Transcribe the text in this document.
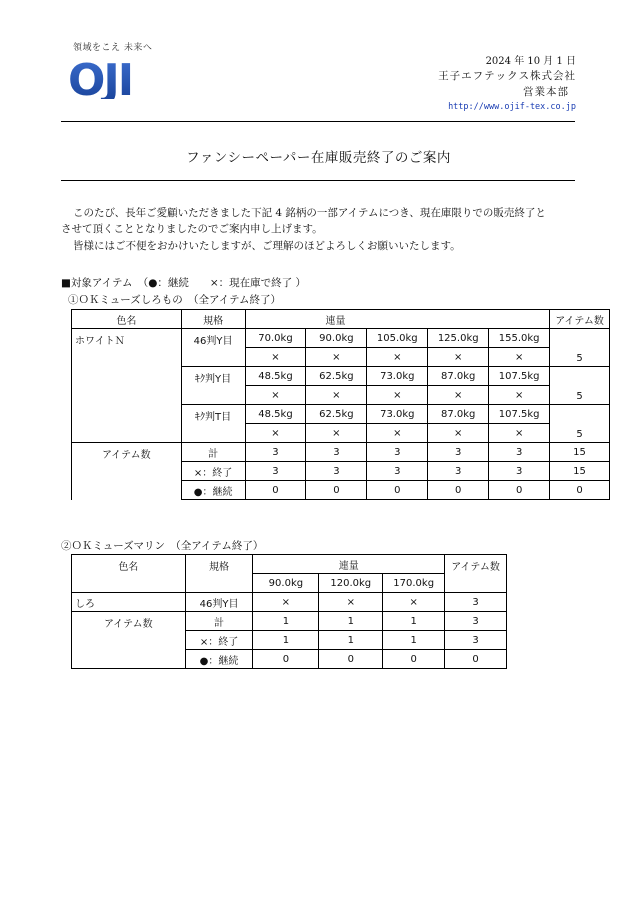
領域をこえ 未来へ
OJI	2024 年 10 月 1 日
王子エフテックス株式会社
営業本部
http://www.ojif-tex.co.jp
ファンシーペーパー在庫販売終了のご案内
このたび、長年ご愛顧いただきました下記 4 銘柄の一部アイテムにつき、現在庫限りでの販売終了と
させて頂くこととなりましたのでご案内申し上げます。
皆様にはご不便をおかけいたしますが、ご理解のほどよろしくお願いいたします。
■対象アイテム　（●：継続　　×：現在庫で終了 ）
①ＯＫミューズしろもの　（全アイテム終了）
色名	規格	連量					アイテム数
ホワイトＮ	46判Y目	70.0kg	90.0kg	105.0kg	125.0kg	155.0kg	5
		×	×	×	×	×	
	ｷｸ判Y目	48.5kg	62.5kg	73.0kg	87.0kg	107.5kg	5
		×	×	×	×	×	
	ｷｸ判T目	48.5kg	62.5kg	73.0kg	87.0kg	107.5kg	5
		×	×	×	×	×	
アイテム数	計	3	3	3	3	3	15
	×：終了	3	3	3	3	3	15
	●：継続	0	0	0	0	0	0
②ＯＫミューズマリン　（全アイテム終了）
色名	規格	連量			アイテム数
		90.0kg	120.0kg	170.0kg	
しろ	46判Y目	×	×	×	3
アイテム数	計	1	1	1	3
	×：終了	1	1	1	3
	●：継続	0	0	0	0
